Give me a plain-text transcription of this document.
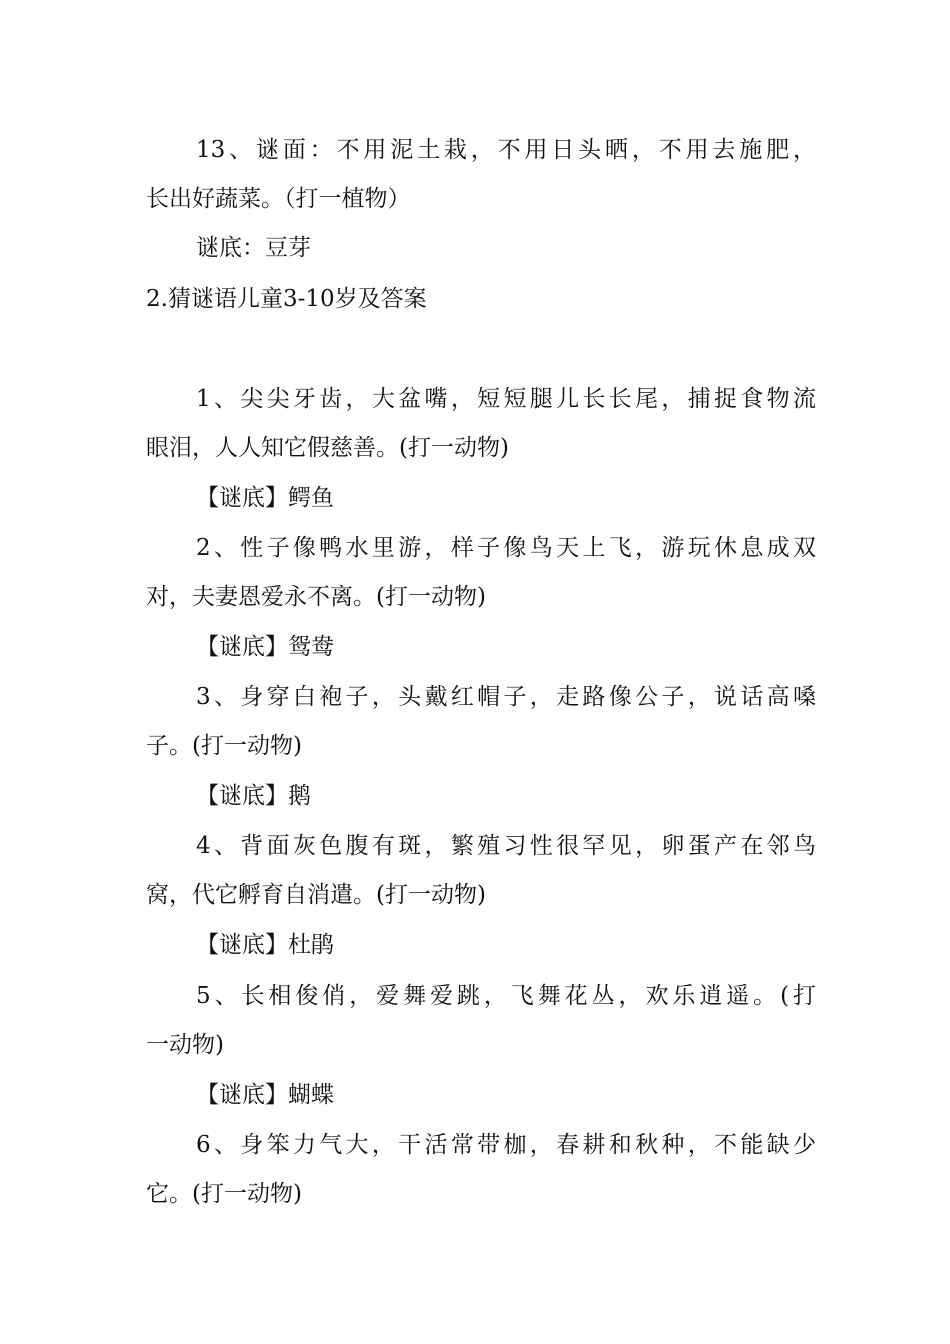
13、谜面：不用泥土栽，不用日头晒，不用去施肥，
长出好蔬菜。（打一植物）
谜底：豆芽
2.猜谜语儿童3-10岁及答案
1、尖尖牙齿，大盆嘴，短短腿儿长长尾，捕捉食物流
眼泪，人人知它假慈善。(打一动物)
【谜底】鳄鱼
2、性子像鸭水里游，样子像鸟天上飞，游玩休息成双
对，夫妻恩爱永不离。(打一动物)
【谜底】鸳鸯
3、身穿白袍子，头戴红帽子，走路像公子，说话高嗓
子。(打一动物)
【谜底】鹅
4、背面灰色腹有斑，繁殖习性很罕见，卵蛋产在邻鸟
窝，代它孵育自消遣。(打一动物)
【谜底】杜鹃
5、长相俊俏，爱舞爱跳，飞舞花丛，欢乐逍遥。(打
一动物)
【谜底】蝴蝶
6、身笨力气大，干活常带枷，春耕和秋种，不能缺少
它。(打一动物)
